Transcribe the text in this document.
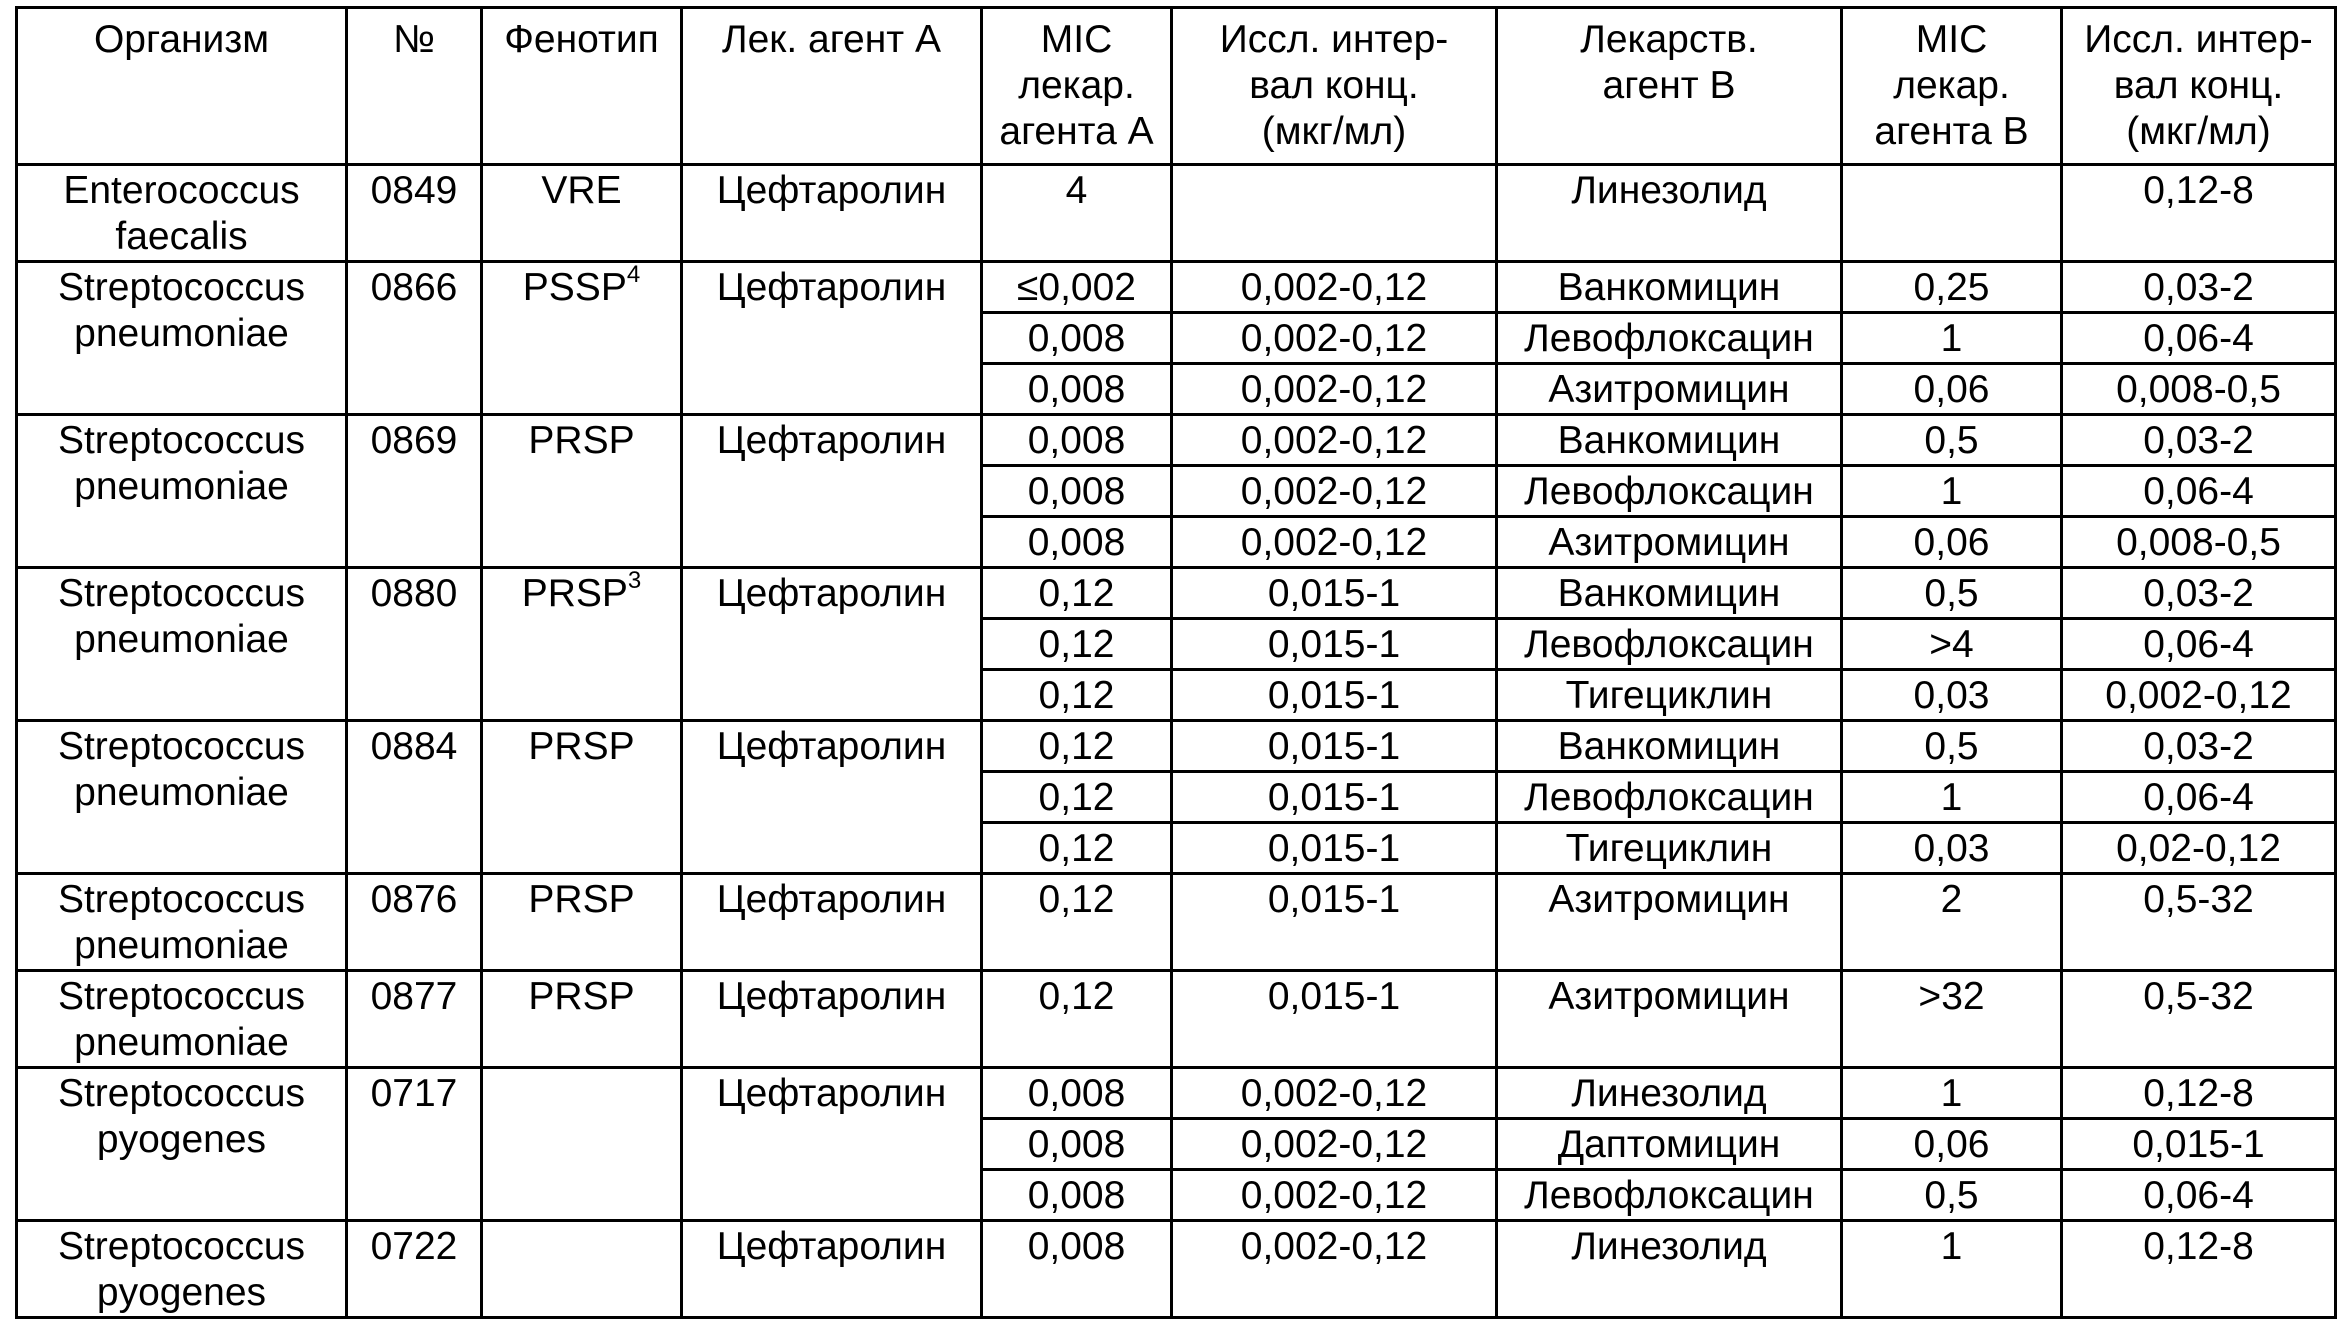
Организм	№	Фенотип	Лек. агент A	MIC
лекар.
агента A	Иссл. интер-
вал конц.
(мкг/мл)	Лекарств.
агент B	MIC
лекар.
агента B	Иссл. интер-
вал конц.
(мкг/мл)

Enterococcus
faecalis	0849	VRE	Цефтаролин	4		Линезолид		0,12-8

Streptococcus
pneumoniae	0866	PSSP$^4$	Цефтаролин	≤0,002	0,002-0,12	Ванкомицин	0,25	0,03-2
				0,008	0,002-0,12	Левофлоксацин	1	0,06-4
				0,008	0,002-0,12	Азитромицин	0,06	0,008-0,5

Streptococcus
pneumoniae	0869	PRSP	Цефтаролин	0,008	0,002-0,12	Ванкомицин	0,5	0,03-2
				0,008	0,002-0,12	Левофлоксацин	1	0,06-4
				0,008	0,002-0,12	Азитромицин	0,06	0,008-0,5

Streptococcus
pneumoniae	0880	PRSP$^3$	Цефтаролин	0,12	0,015-1	Ванкомицин	0,5	0,03-2
				0,12	0,015-1	Левофлоксацин	>4	0,06-4
				0,12	0,015-1	Тигециклин	0,03	0,002-0,12

Streptococcus
pneumoniae	0884	PRSP	Цефтаролин	0,12	0,015-1	Ванкомицин	0,5	0,03-2
				0,12	0,015-1	Левофлоксацин	1	0,06-4
				0,12	0,015-1	Тигециклин	0,03	0,02-0,12

Streptococcus
pneumoniae	0876	PRSP	Цефтаролин	0,12	0,015-1	Азитромицин	2	0,5-32

Streptococcus
pneumoniae	0877	PRSP	Цефтаролин	0,12	0,015-1	Азитромицин	>32	0,5-32

Streptococcus
pyogenes	0717		Цефтаролин	0,008	0,002-0,12	Линезолид	1	0,12-8
				0,008	0,002-0,12	Даптомицин	0,06	0,015-1
				0,008	0,002-0,12	Левофлоксацин	0,5	0,06-4

Streptococcus
pyogenes	0722		Цефтаролин	0,008	0,002-0,12	Линезолид	1	0,12-8
